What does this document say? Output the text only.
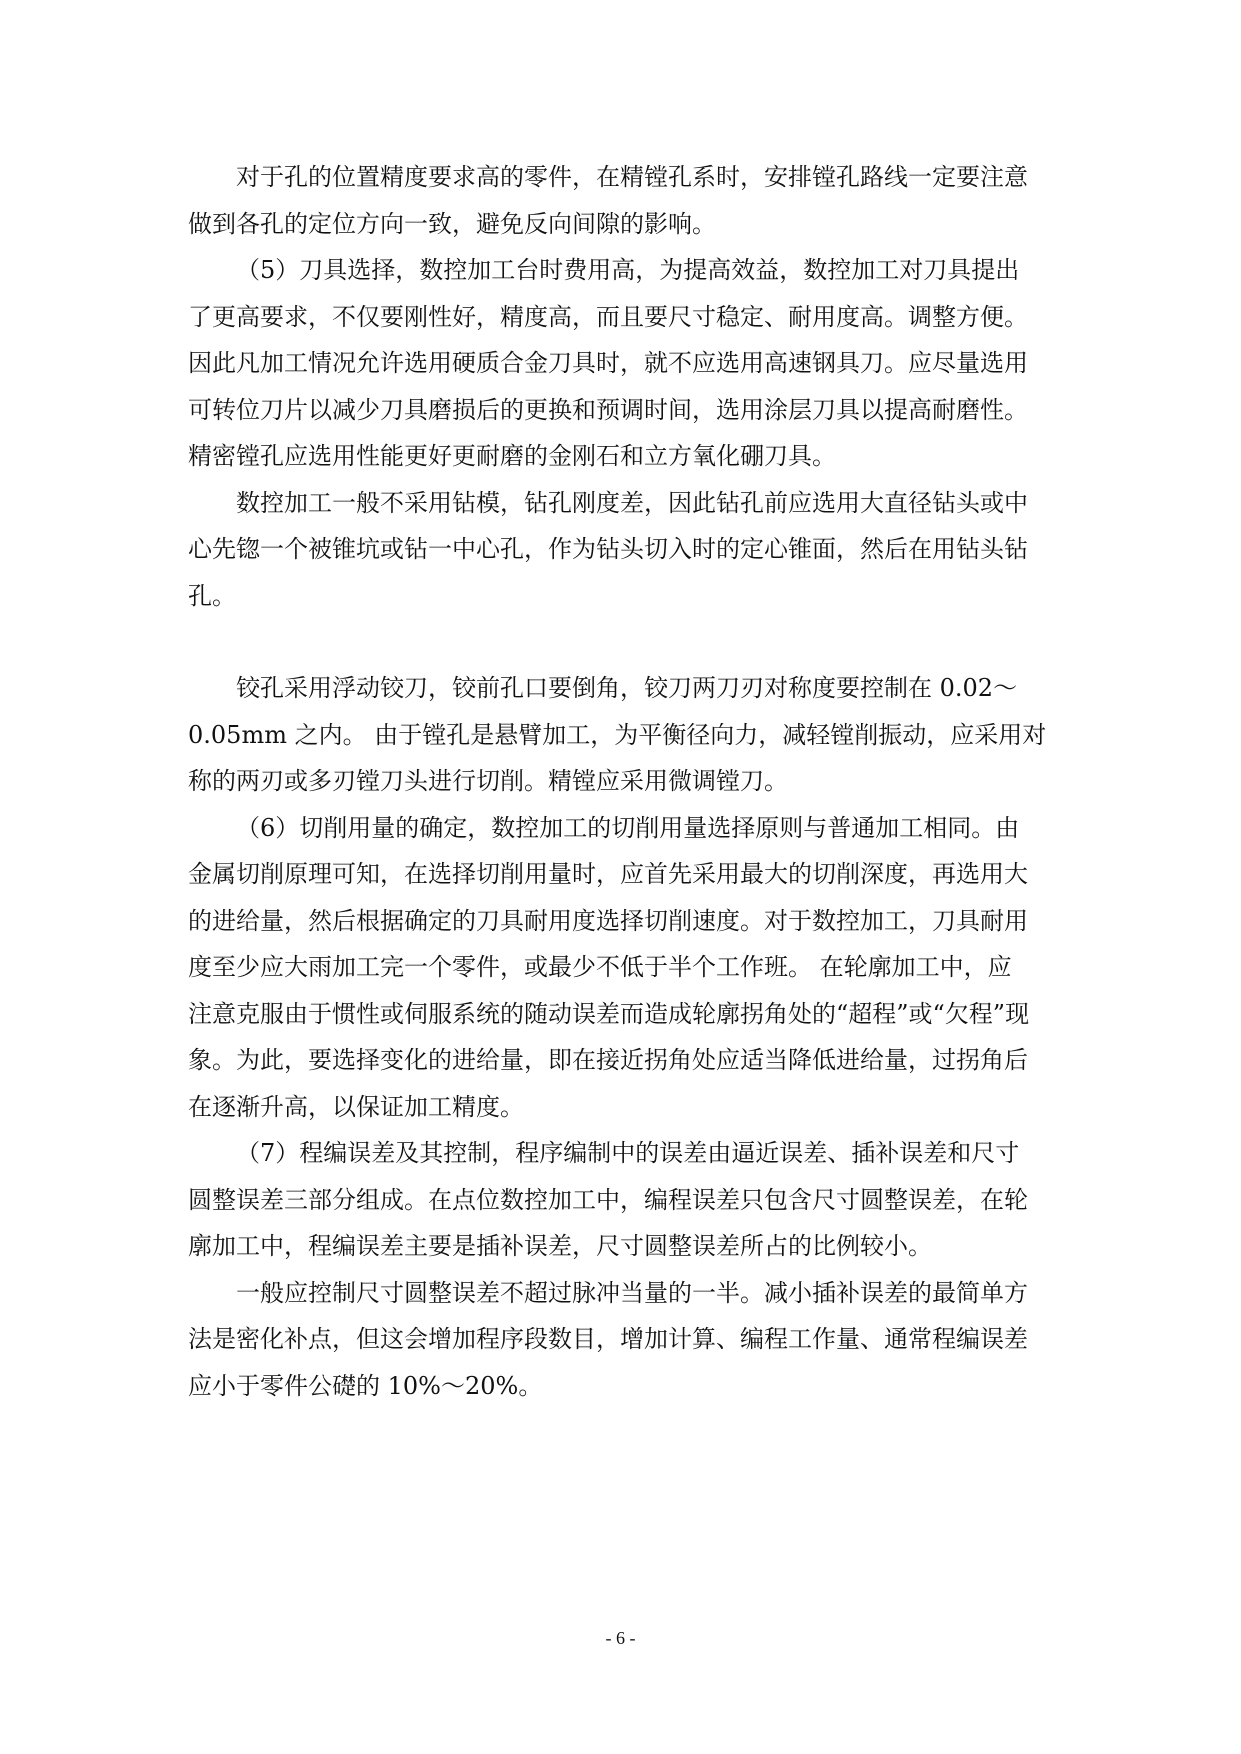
对于孔的位置精度要求高的零件，在精镗孔系时，安排镗孔路线一定要注意
做到各孔的定位方向一致，避免反向间隙的影响。

（5）刀具选择，数控加工台时费用高，为提高效益，数控加工对刀具提出
了更高要求，不仅要刚性好，精度高，而且要尺寸稳定、耐用度高。调整方便。
因此凡加工情况允许选用硬质合金刀具时，就不应选用高速钢具刀。应尽量选用
可转位刀片以减少刀具磨损后的更换和预调时间，选用涂层刀具以提高耐磨性。
精密镗孔应选用性能更好更耐磨的金刚石和立方氧化硼刀具。

数控加工一般不采用钻模，钻孔刚度差，因此钻孔前应选用大直径钻头或中
心先锪一个被锥坑或钻一中心孔，作为钻头切入时的定心锥面，然后在用钻头钻
孔。

铰孔采用浮动铰刀，铰前孔口要倒角，铰刀两刀刃对称度要控制在 0.02～
0.05mm 之内。 由于镗孔是悬臂加工，为平衡径向力，减轻镗削振动，应采用对
称的两刃或多刃镗刀头进行切削。精镗应采用微调镗刀。

（6）切削用量的确定，数控加工的切削用量选择原则与普通加工相同。由
金属切削原理可知，在选择切削用量时，应首先采用最大的切削深度，再选用大
的进给量，然后根据确定的刀具耐用度选择切削速度。对于数控加工，刀具耐用
度至少应大雨加工完一个零件，或最少不低于半个工作班。 在轮廓加工中，应
注意克服由于惯性或伺服系统的随动误差而造成轮廓拐角处的“超程”或“欠程”现
象。为此，要选择变化的进给量，即在接近拐角处应适当降低进给量，过拐角后
在逐渐升高，以保证加工精度。

（7）程编误差及其控制，程序编制中的误差由逼近误差、插补误差和尺寸
圆整误差三部分组成。在点位数控加工中，编程误差只包含尺寸圆整误差，在轮
廓加工中，程编误差主要是插补误差，尺寸圆整误差所占的比例较小。

一般应控制尺寸圆整误差不超过脉冲当量的一半。减小插补误差的最简单方
法是密化补点，但这会增加程序段数目，增加计算、编程工作量、通常程编误差
应小于零件公礎的 10%～20%。

- 6 -
